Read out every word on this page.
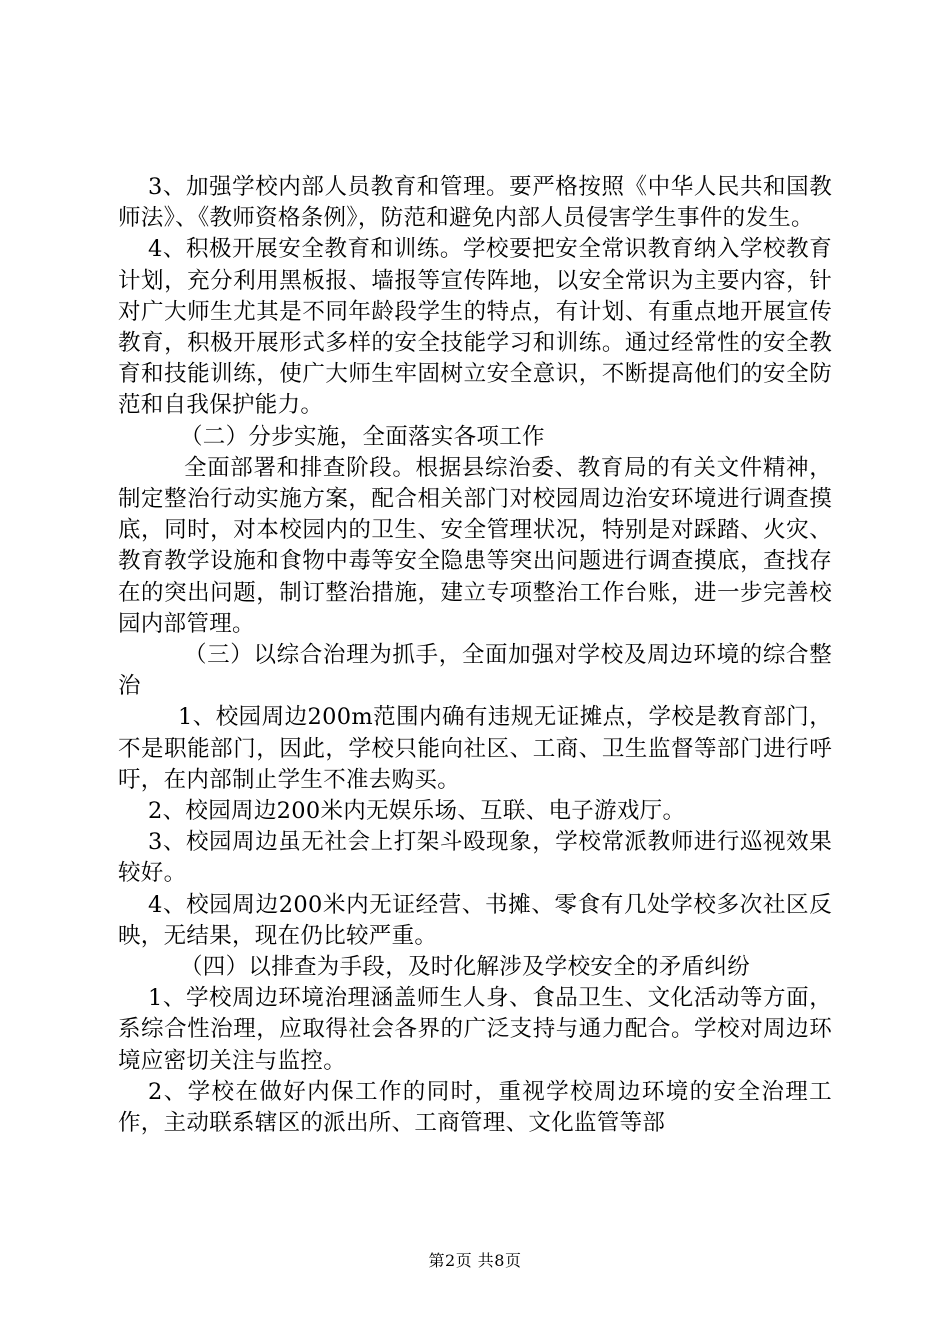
3、加强学校内部人员教育和管理。要严格按照《中华人民共和国教师法》、《教师资格条例》，防范和避免内部人员侵害学生事件的发生。

4、积极开展安全教育和训练。学校要把安全常识教育纳入学校教育计划，充分利用黑板报、墙报等宣传阵地，以安全常识为主要内容，针对广大师生尤其是不同年龄段学生的特点，有计划、有重点地开展宣传教育，积极开展形式多样的安全技能学习和训练。通过经常性的安全教育和技能训练，使广大师生牢固树立安全意识，不断提高他们的安全防范和自我保护能力。

（二）分步实施，全面落实各项工作

全面部署和排查阶段。根据县综治委、教育局的有关文件精神，制定整治行动实施方案，配合相关部门对校园周边治安环境进行调查摸底，同时，对本校园内的卫生、安全管理状况，特别是对踩踏、火灾、教育教学设施和食物中毒等安全隐患等突出问题进行调查摸底，查找存在的突出问题，制订整治措施，建立专项整治工作台账，进一步完善校园内部管理。

（三）以综合治理为抓手，全面加强对学校及周边环境的综合整治

1、校园周边200m范围内确有违规无证摊点，学校是教育部门，不是职能部门，因此，学校只能向社区、工商、卫生监督等部门进行呼吁，在内部制止学生不准去购买。

2、校园周边200米内无娱乐场、互联、电子游戏厅。

3、校园周边虽无社会上打架斗殴现象，学校常派教师进行巡视效果较好。

4、校园周边200米内无证经营、书摊、零食有几处学校多次社区反映，无结果，现在仍比较严重。

（四）以排查为手段，及时化解涉及学校安全的矛盾纠纷

1、学校周边环境治理涵盖师生人身、食品卫生、文化活动等方面，系综合性治理，应取得社会各界的广泛支持与通力配合。学校对周边环境应密切关注与监控。

2、学校在做好内保工作的同时，重视学校周边环境的安全治理工作，主动联系辖区的派出所、工商管理、文化监管等部

第2页 共8页
